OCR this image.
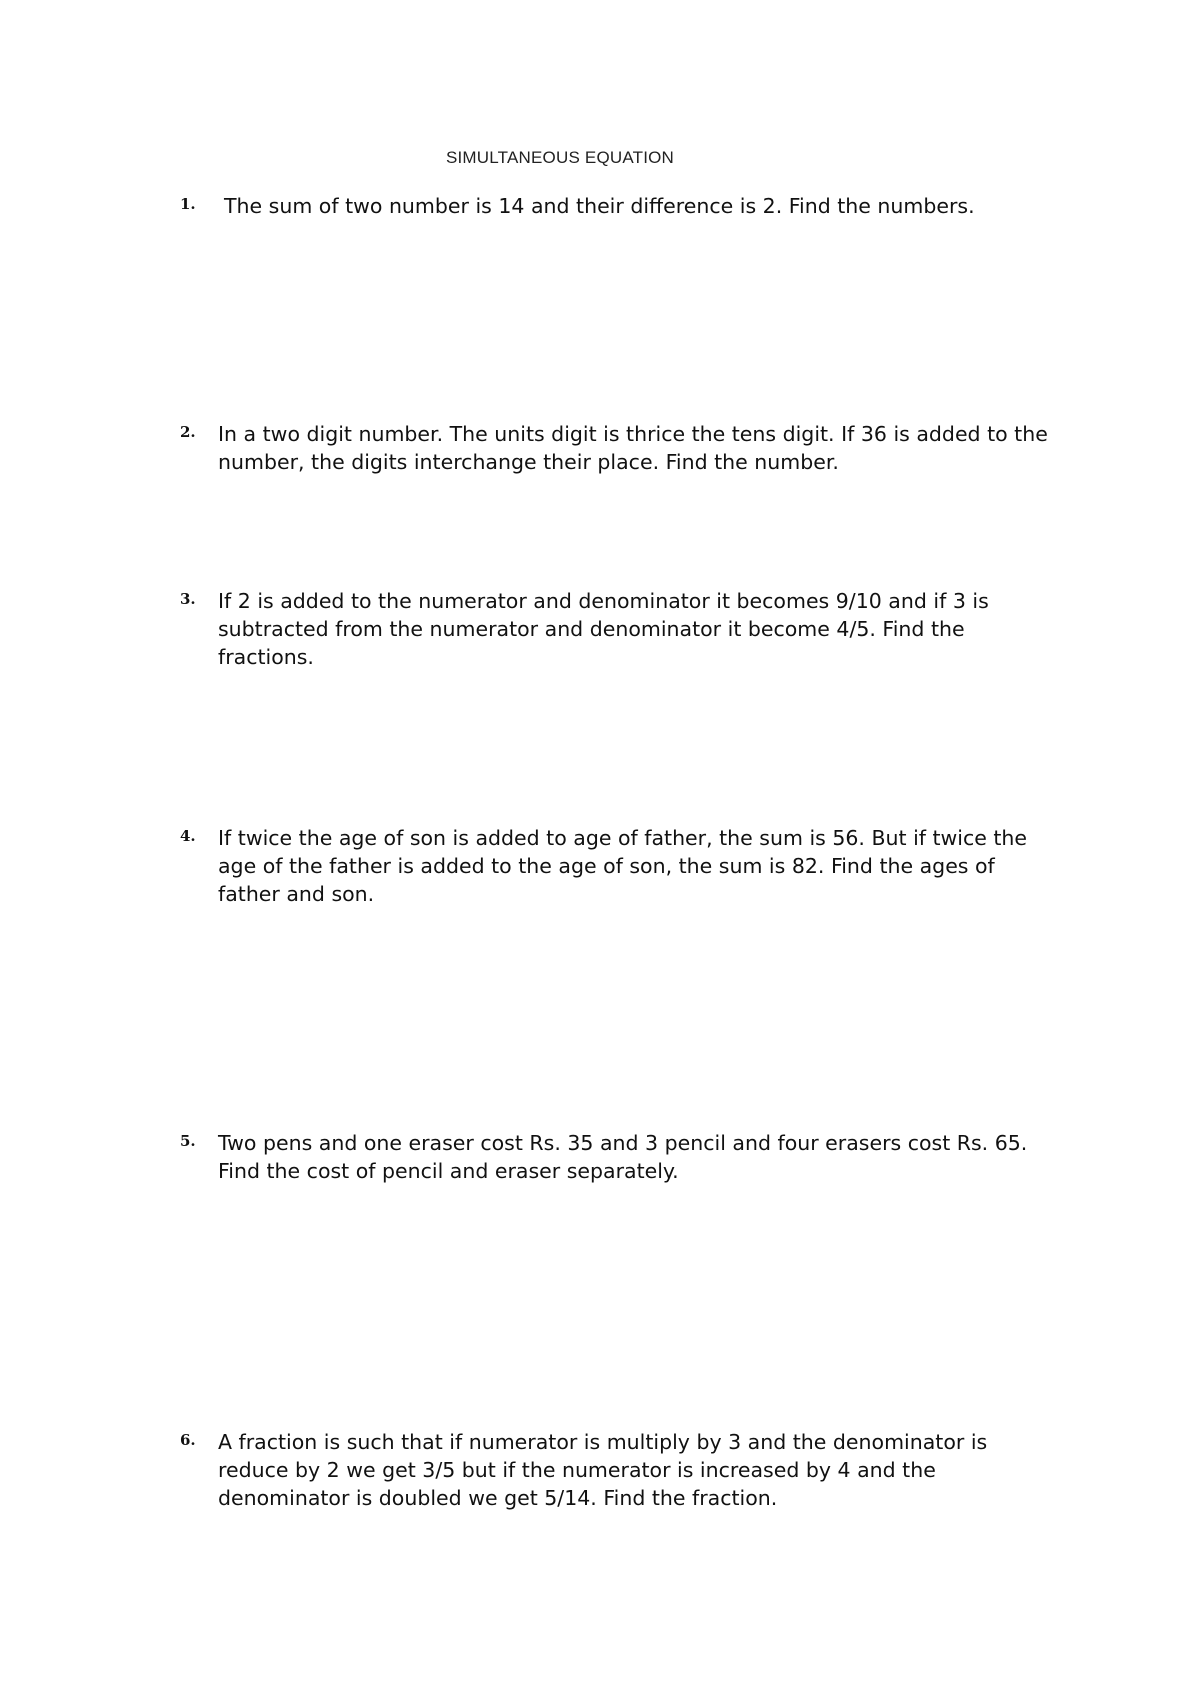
SIMULTANEOUS EQUATION
1. The sum of two number is 14 and their difference is 2. Find the numbers.
2. In a two digit number. The units digit is thrice the tens digit. If 36 is added to the number, the digits interchange their place. Find the number.
3. If 2 is added to the numerator and denominator it becomes 9/10 and if 3 is subtracted from the numerator and denominator it become 4/5. Find the fractions.
4. If twice the age of son is added to age of father, the sum is 56. But if twice the age of the father is added to the age of son, the sum is 82. Find the ages of father and son.
5. Two pens and one eraser cost Rs. 35 and 3 pencil and four erasers cost Rs. 65. Find the cost of pencil and eraser separately.
6. A fraction is such that if numerator is multiply by 3 and the denominator is reduce by 2 we get 3/5 but if the numerator is increased by 4 and the denominator is doubled we get 5/14. Find the fraction.
